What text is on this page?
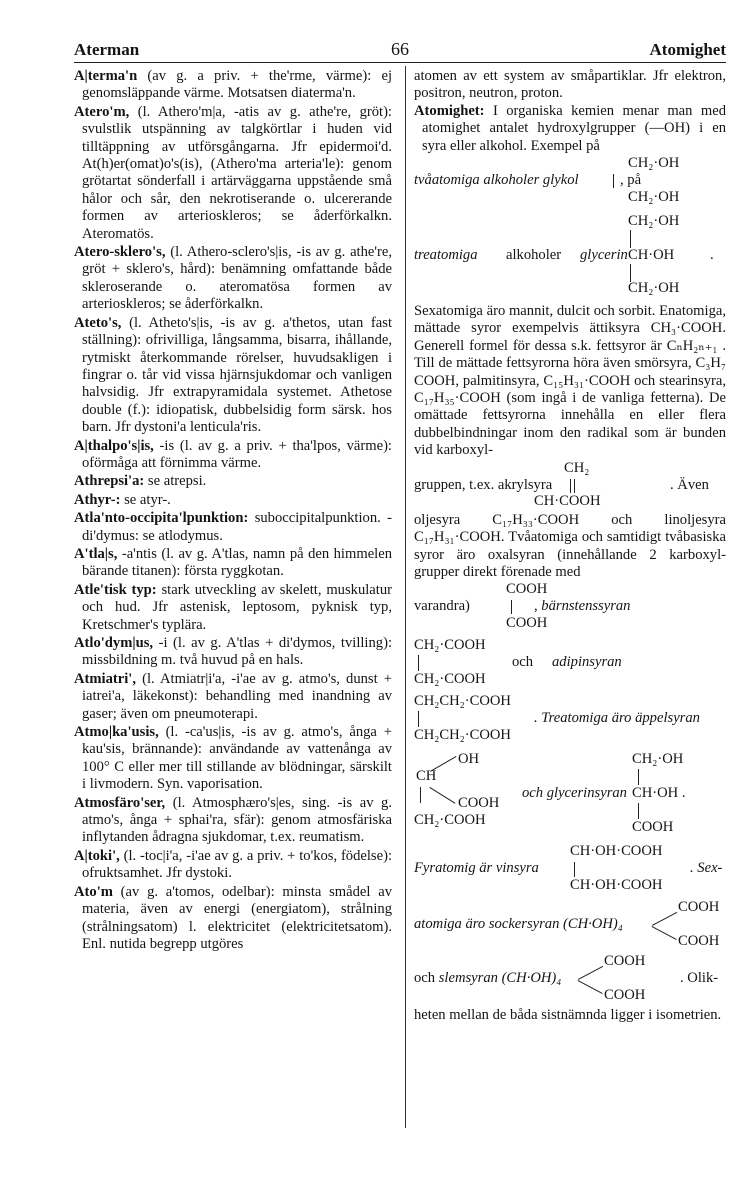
Aterman	66	Atomighet

A|terma'n (av g. a priv. + the'rme, värme): ej genomsläppande värme. Motsatsen diaterma'n.

Atero'm, (l. Athero'm|a, -atis av g. athe're, gröt): svulstlik utspänning av talgkörtlar i huden vid tilltäppning av utförsgångarna. Jfr epidermoi'd. At(h)er(omat)o's(is), (Athero'ma arteria'le): genom grötartat sönderfall i artärväggarna uppstående små hålor och sår, den nekrotiserande o. ulcererande formen av arterioskleros; se åderförkalkn. Ateromatös.

Atero-sklero's, (l. Athero-sclero's|is, -is av g. athe're, gröt + sklero's, hård): benämning omfattande både skleroserande o. ateromatösa formen av arterioskleros; se åderförkalkn.

Ateto's, (l. Atheto's|is, -is av g. a'thetos, utan fast ställning): ofrivilliga, långsamma, bisarra, ihållande, rytmiskt återkommande rörelser, huvudsakligen i fingrar o. tår vid vissa hjärnsjukdomar och vanligen halvsidig. Jfr extrapyramidala systemet. Athetose double (f.): idiopatisk, dubbelsidig form särsk. hos barn. Jfr dystoni'a lenticula'ris.

A|thalpo's|is, -is (l. av g. a priv. + tha'lpos, värme): oförmåga att förnimma värme.

Athrepsi'a: se atrepsi.

Athyr-: se atyr-.

Atla'nto-occipita'lpunktion: suboccipitalpunktion. -di'dymus: se atlodymus.

A'tla|s, -a'ntis (l. av g. A'tlas, namn på den himmelen bärande titanen): första ryggkotan.

Atle'tisk typ: stark utveckling av skelett, muskulatur och hud. Jfr astenisk, leptosom, pyknisk typ, Kretschmer's typlära.

Atlo'dym|us, -i (l. av g. A'tlas + di'dymos, tvilling): missbildning m. två huvud på en hals.

Atmiatri', (l. Atmiatr|i'a, -i'ae av g. atmo's, dunst + iatrei'a, läkekonst): behandling med inandning av gaser; även om pneumoterapi.

Atmo|ka'usis, (l. -ca'us|is, -is av g. atmo's, ånga + kau'sis, brännande): användande av vattenånga av 100° C eller mer till stillande av blödningar, särskilt i livmodern. Syn. vaporisation.

Atmosfäro'ser, (l. Atmosphæro's|es, sing. -is av g. atmo's, ånga + sphai'ra, sfär): genom atmosfäriska inflytanden ådragna sjukdomar, t.ex. reumatism.

A|toki', (l. -toc|i'a, -i'ae av g. a priv. + to'kos, födelse): ofruktsamhet. Jfr dystoki.

Ato'm (av g. a'tomos, odelbar): minsta smådel av materia, även av energi (energiatom), strålning (strålningsatom) l. elektricitet (elektricitetsatom). Enl. nutida begrepp utgöres

atomen av ett system av småpartiklar. Jfr elektron, positron, neutron, proton.

Atomighet: I organiska kemien menar man med atomighet antalet hydroxylgrupper (—OH) i en syra eller alkohol. Exempel på

CH₂·OH
tvåatomiga alkoholer glykol	, på
CH₂·OH
CH₂·OH
treatomiga alkoholer glycerin CH·OH .
CH₂·OH

Sexatomiga äro mannit, dulcit och sorbit. Enatomiga, mättade syror exempelvis ättiksyra CH₃·COOH. Generell formel för dessa s.k. fettsyror är CₙH₂ₙ₊₁ . Till de mättade fettsyrorna höra även smörsyra, C₃H₇ COOH, palmitinsyra, C₁₅H₃₁·COOH och stearinsyra, C₁₇H₃₅·COOH (som ingå i de vanliga fetterna). De omättade fettsyrorna innehålla en eller flera dubbelbindningar inom den radikal som är bunden vid karboxyl-

CH₂
gruppen, t.ex. akrylsyra	. Även
CH·COOH

oljesyra C₁₇H₃₃·COOH och linoljesyra C₁₇H₃₁·COOH. Tvåatomiga och samtidigt tvåbasiska syror äro oxalsyran (innehållande 2 karboxyl-grupper direkt förenade med

COOH
varandra)	, bärnstenssyran
COOH
CH₂·COOH
och adipinsyran
CH₂·COOH
CH₂CH₂·COOH
. Treatomiga äro äppelsyran
CH₂CH₂·COOH
OH
CH
COOH
CH₂·COOH
CH₂·OH
och glycerinsyran CH·OH .
COOH
CH·OH·COOH
Fyratomig är vinsyra	. Sex-
CH·OH·COOH
COOH
atomiga äro sockersyran (CH·OH)₄
COOH
COOH
och slemsyran (CH·OH)₄	. Olik-
COOH

heten mellan de båda sistnämnda ligger i isometrien.
